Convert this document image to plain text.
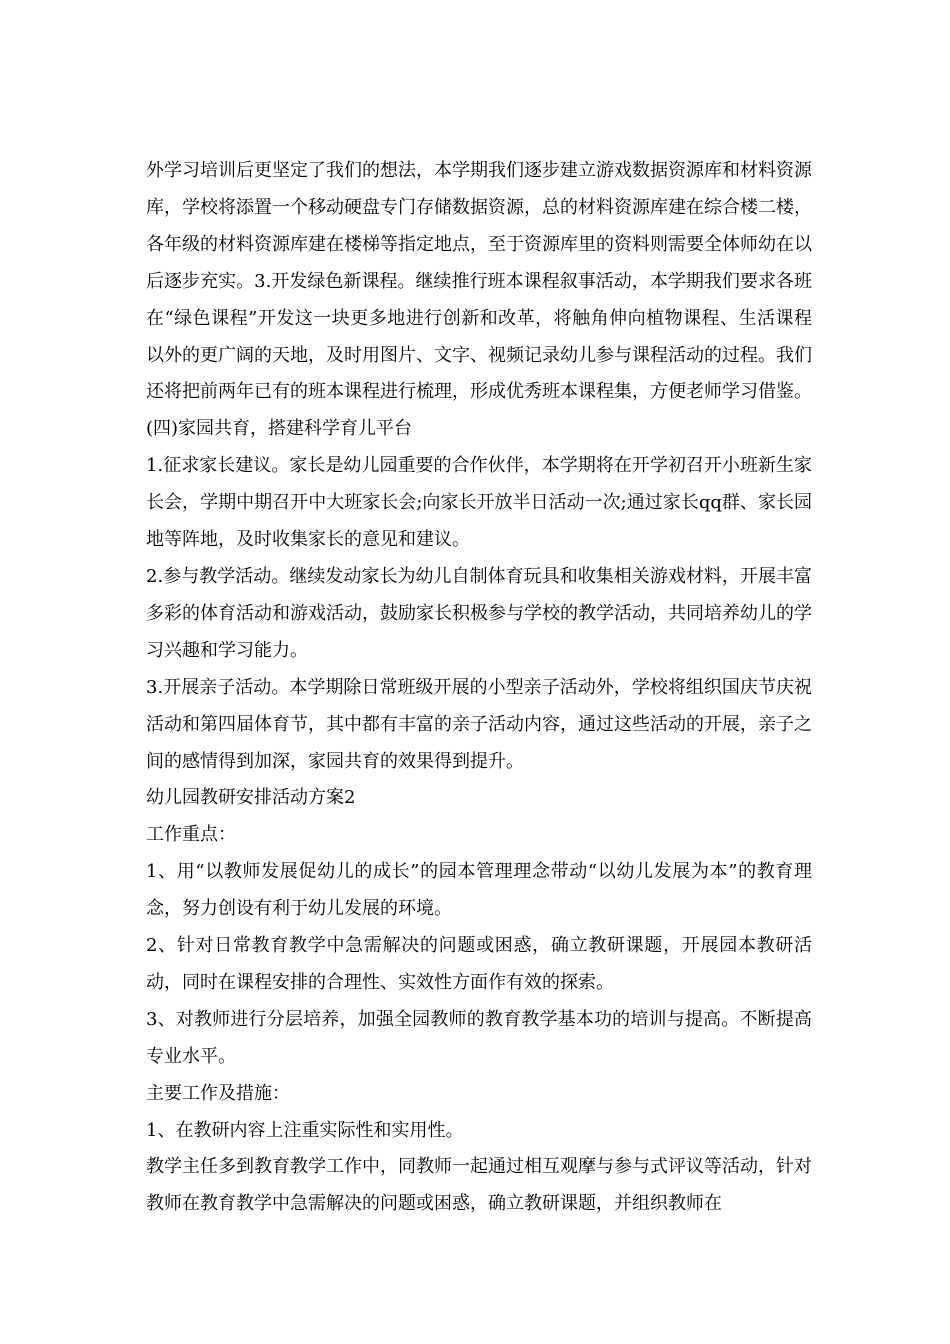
外学习培训后更坚定了我们的想法，本学期我们逐步建立游戏数据资源库和材料资源库，学校将添置一个移动硬盘专门存储数据资源，总的材料资源库建在综合楼二楼，各年级的材料资源库建在楼梯等指定地点，至于资源库里的资料则需要全体师幼在以后逐步充实。3.开发绿色新课程。继续推行班本课程叙事活动，本学期我们要求各班在“绿色课程”开发这一块更多地进行创新和改革，将触角伸向植物课程、生活课程以外的更广阔的天地，及时用图片、文字、视频记录幼儿参与课程活动的过程。我们还将把前两年已有的班本课程进行梳理，形成优秀班本课程集，方便老师学习借鉴。

(四)家园共育，搭建科学育儿平台

1.征求家长建议。家长是幼儿园重要的合作伙伴，本学期将在开学初召开小班新生家长会，学期中期召开中大班家长会;向家长开放半日活动一次;通过家长qq群、家长园地等阵地，及时收集家长的意见和建议。

2.参与教学活动。继续发动家长为幼儿自制体育玩具和收集相关游戏材料，开展丰富多彩的体育活动和游戏活动，鼓励家长积极参与学校的教学活动，共同培养幼儿的学习兴趣和学习能力。

3.开展亲子活动。本学期除日常班级开展的小型亲子活动外，学校将组织国庆节庆祝活动和第四届体育节，其中都有丰富的亲子活动内容，通过这些活动的开展，亲子之间的感情得到加深，家园共育的效果得到提升。

幼儿园教研安排活动方案2

工作重点：

1、用“以教师发展促幼儿的成长”的园本管理理念带动“以幼儿发展为本”的教育理念，努力创设有利于幼儿发展的环境。

2、针对日常教育教学中急需解决的问题或困惑，确立教研课题，开展园本教研活动，同时在课程安排的合理性、实效性方面作有效的探索。

3、对教师进行分层培养，加强全园教师的教育教学基本功的培训与提高。不断提高专业水平。

主要工作及措施：

1、在教研内容上注重实际性和实用性。

教学主任多到教育教学工作中，同教师一起通过相互观摩与参与式评议等活动，针对教师在教育教学中急需解决的问题或困惑，确立教研课题，并组织教师在
